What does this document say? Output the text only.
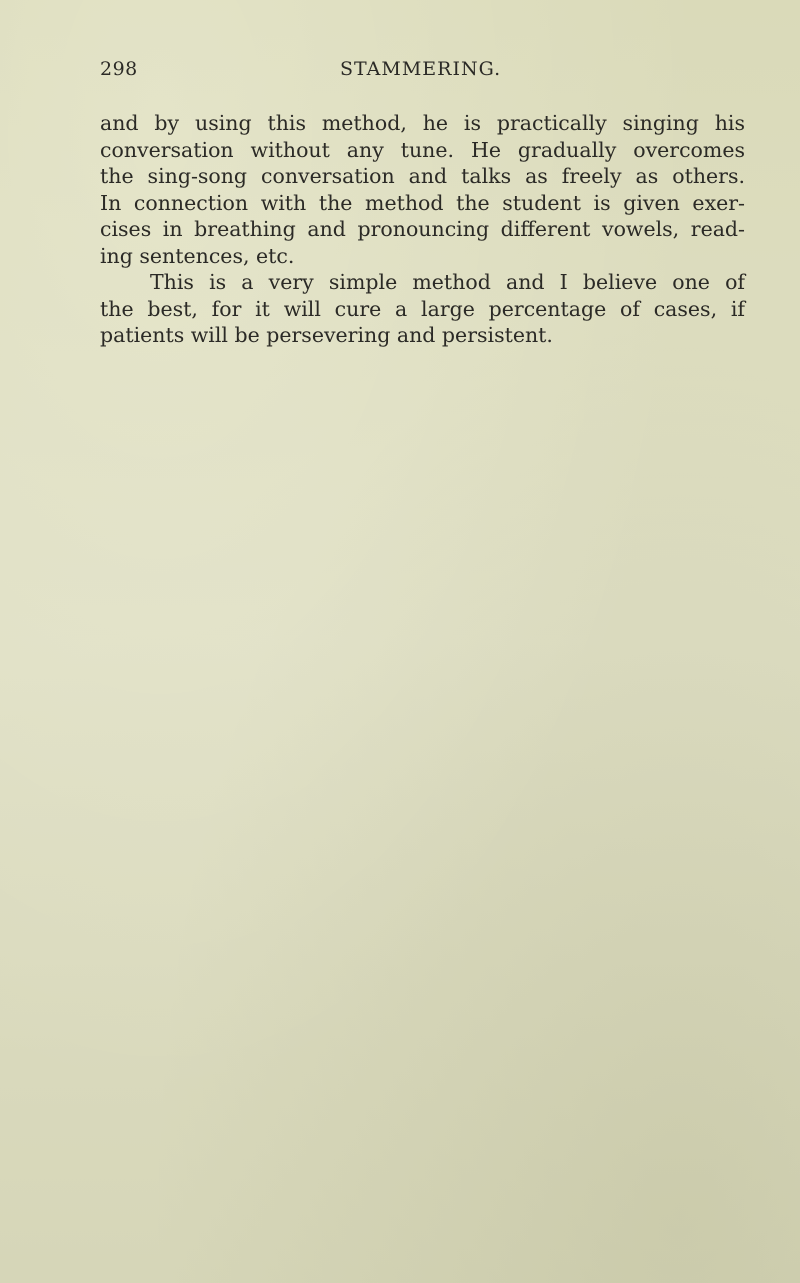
298	STAMMERING.
and by using this method, he is practically singing his
conversation without any tune. He gradually overcomes
the sing-song conversation and talks as freely as others.
In connection with the method the student is given exer-
cises in breathing and pronouncing different vowels, read-
ing sentences, etc.
This is a very simple method and I believe one of
the best, for it will cure a large percentage of cases, if
patients will be persevering and persistent.
